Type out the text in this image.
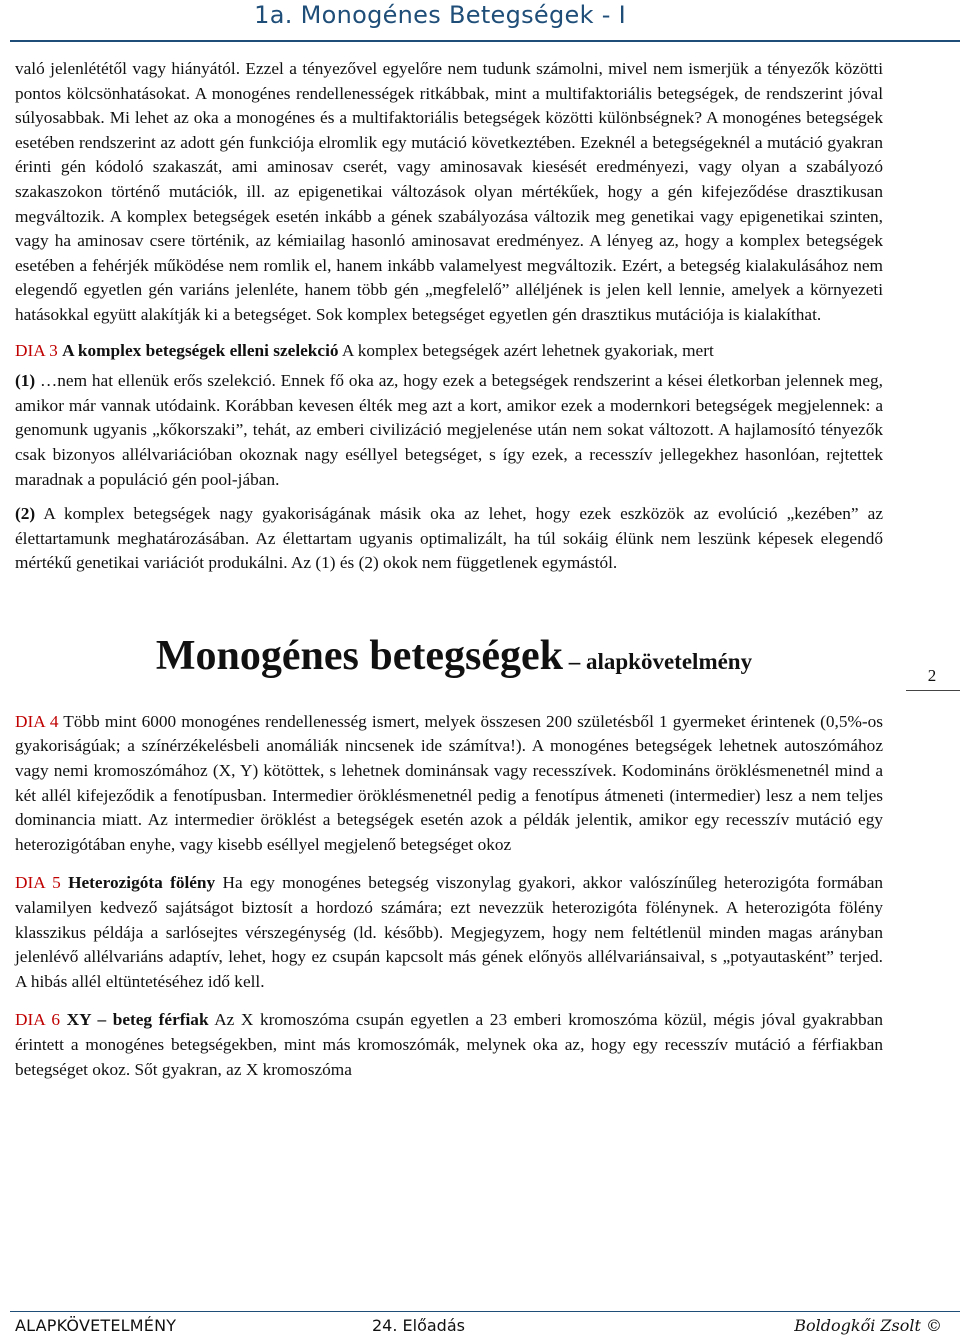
1a. Monogénes Betegségek - I
2

való jelenlététől vagy hiányától. Ezzel a tényezővel egyelőre nem tudunk számolni, mivel nem ismerjük a tényezők közötti pontos kölcsönhatásokat. A monogénes rendellenességek ritkábbak, mint a multifaktoriális betegségek, de rendszerint jóval súlyosabbak. Mi lehet az oka a monogénes és a multifaktoriális betegségek közötti különbségnek? A monogénes betegségek esetében rendszerint az adott gén funkciója elromlik egy mutáció következtében. Ezeknél a betegségeknél a mutáció gyakran érinti gén kódoló szakaszát, ami aminosav cserét, vagy aminosavak kiesését eredményezi, vagy olyan a szabályozó szakaszokon történő mutációk, ill. az epigenetikai változások olyan mértékűek, hogy a gén kifejeződése drasztikusan megváltozik. A komplex betegségek esetén inkább a gének szabályozása változik meg genetikai vagy epigenetikai szinten, vagy ha aminosav csere történik, az kémiailag hasonló aminosavat eredményez. A lényeg az, hogy a komplex betegségek esetében a fehérjék működése nem romlik el, hanem inkább valamelyest megváltozik. Ezért, a betegség kialakulásához nem elegendő egyetlen gén variáns jelenléte, hanem több gén „megfelelő” alléljének is jelen kell lennie, amelyek a környezeti hatásokkal együtt alakítják ki a betegséget. Sok komplex betegséget egyetlen gén drasztikus mutációja is kialakíthat.

DIA 3 A komplex betegségek elleni szelekció A komplex betegségek azért lehetnek gyakoriak, mert

(1) …nem hat ellenük erős szelekció. Ennek fő oka az, hogy ezek a betegségek rendszerint a kései életkorban jelennek meg, amikor már vannak utódaink. Korábban kevesen élték meg azt a kort, amikor ezek a modernkori betegségek megjelennek: a genomunk ugyanis „kőkorszaki”, tehát, az emberi civilizáció megjelenése után nem sokat változott. A hajlamosító tényezők csak bizonyos allélvariációban okoznak nagy eséllyel betegséget, s így ezek, a recesszív jellegekhez hasonlóan, rejtettek maradnak a populáció gén pool-jában.

(2) A komplex betegségek nagy gyakoriságának másik oka az lehet, hogy ezek eszközök az evolúció „kezében” az élettartamunk meghatározásában. Az élettartam ugyanis optimalizált, ha túl sokáig élünk nem leszünk képesek elegendő mértékű genetikai variációt produkálni. Az (1) és (2) okok nem függetlenek egymástól.

Monogénes betegségek – alapkövetelmény

DIA 4 Több mint 6000 monogénes rendellenesség ismert, melyek összesen 200 születésből 1 gyermeket érintenek (0,5%-os gyakoriságúak; a színérzékelésbeli anomáliák nincsenek ide számítva!). A monogénes betegségek lehetnek autoszómához vagy nemi kromoszómához (X, Y) kötöttek, s lehetnek dominánsak vagy recesszívek. Kodomináns öröklésmenetnél mind a két allél kifejeződik a fenotípusban. Intermedier öröklésmenetnél pedig a fenotípus átmeneti (intermedier) lesz a nem teljes dominancia miatt. Az intermedier öröklést a betegségek esetén azok a példák jelentik, amikor egy recesszív mutáció egy heterozigótában enyhe, vagy kisebb eséllyel megjelenő betegséget okoz

DIA 5 Heterozigóta fölény Ha egy monogénes betegség viszonylag gyakori, akkor valószínűleg heterozigóta formában valamilyen kedvező sajátságot biztosít a hordozó számára; ezt nevezzük heterozigóta fölénynek. A heterozigóta fölény klasszikus példája a sarlósejtes vérszegénység (ld. később). Megjegyzem, hogy nem feltétlenül minden magas arányban jelenlévő allélvariáns adaptív, lehet, hogy ez csupán kapcsolt más gének előnyös allélvariánsaival, s „potyautasként” terjed. A hibás allél eltüntetéséhez idő kell.

DIA 6 XY – beteg férfiak Az X kromoszóma csupán egyetlen a 23 emberi kromoszóma közül, mégis jóval gyakrabban érintett a monogénes betegségekben, mint más kromoszómák, melynek oka az, hogy egy recesszív mutáció a férfiakban betegséget okoz. Sőt gyakran, az X kromoszóma

ALAPKÖVETELMÉNY	24. Előadás	Boldogkői Zsolt ©
